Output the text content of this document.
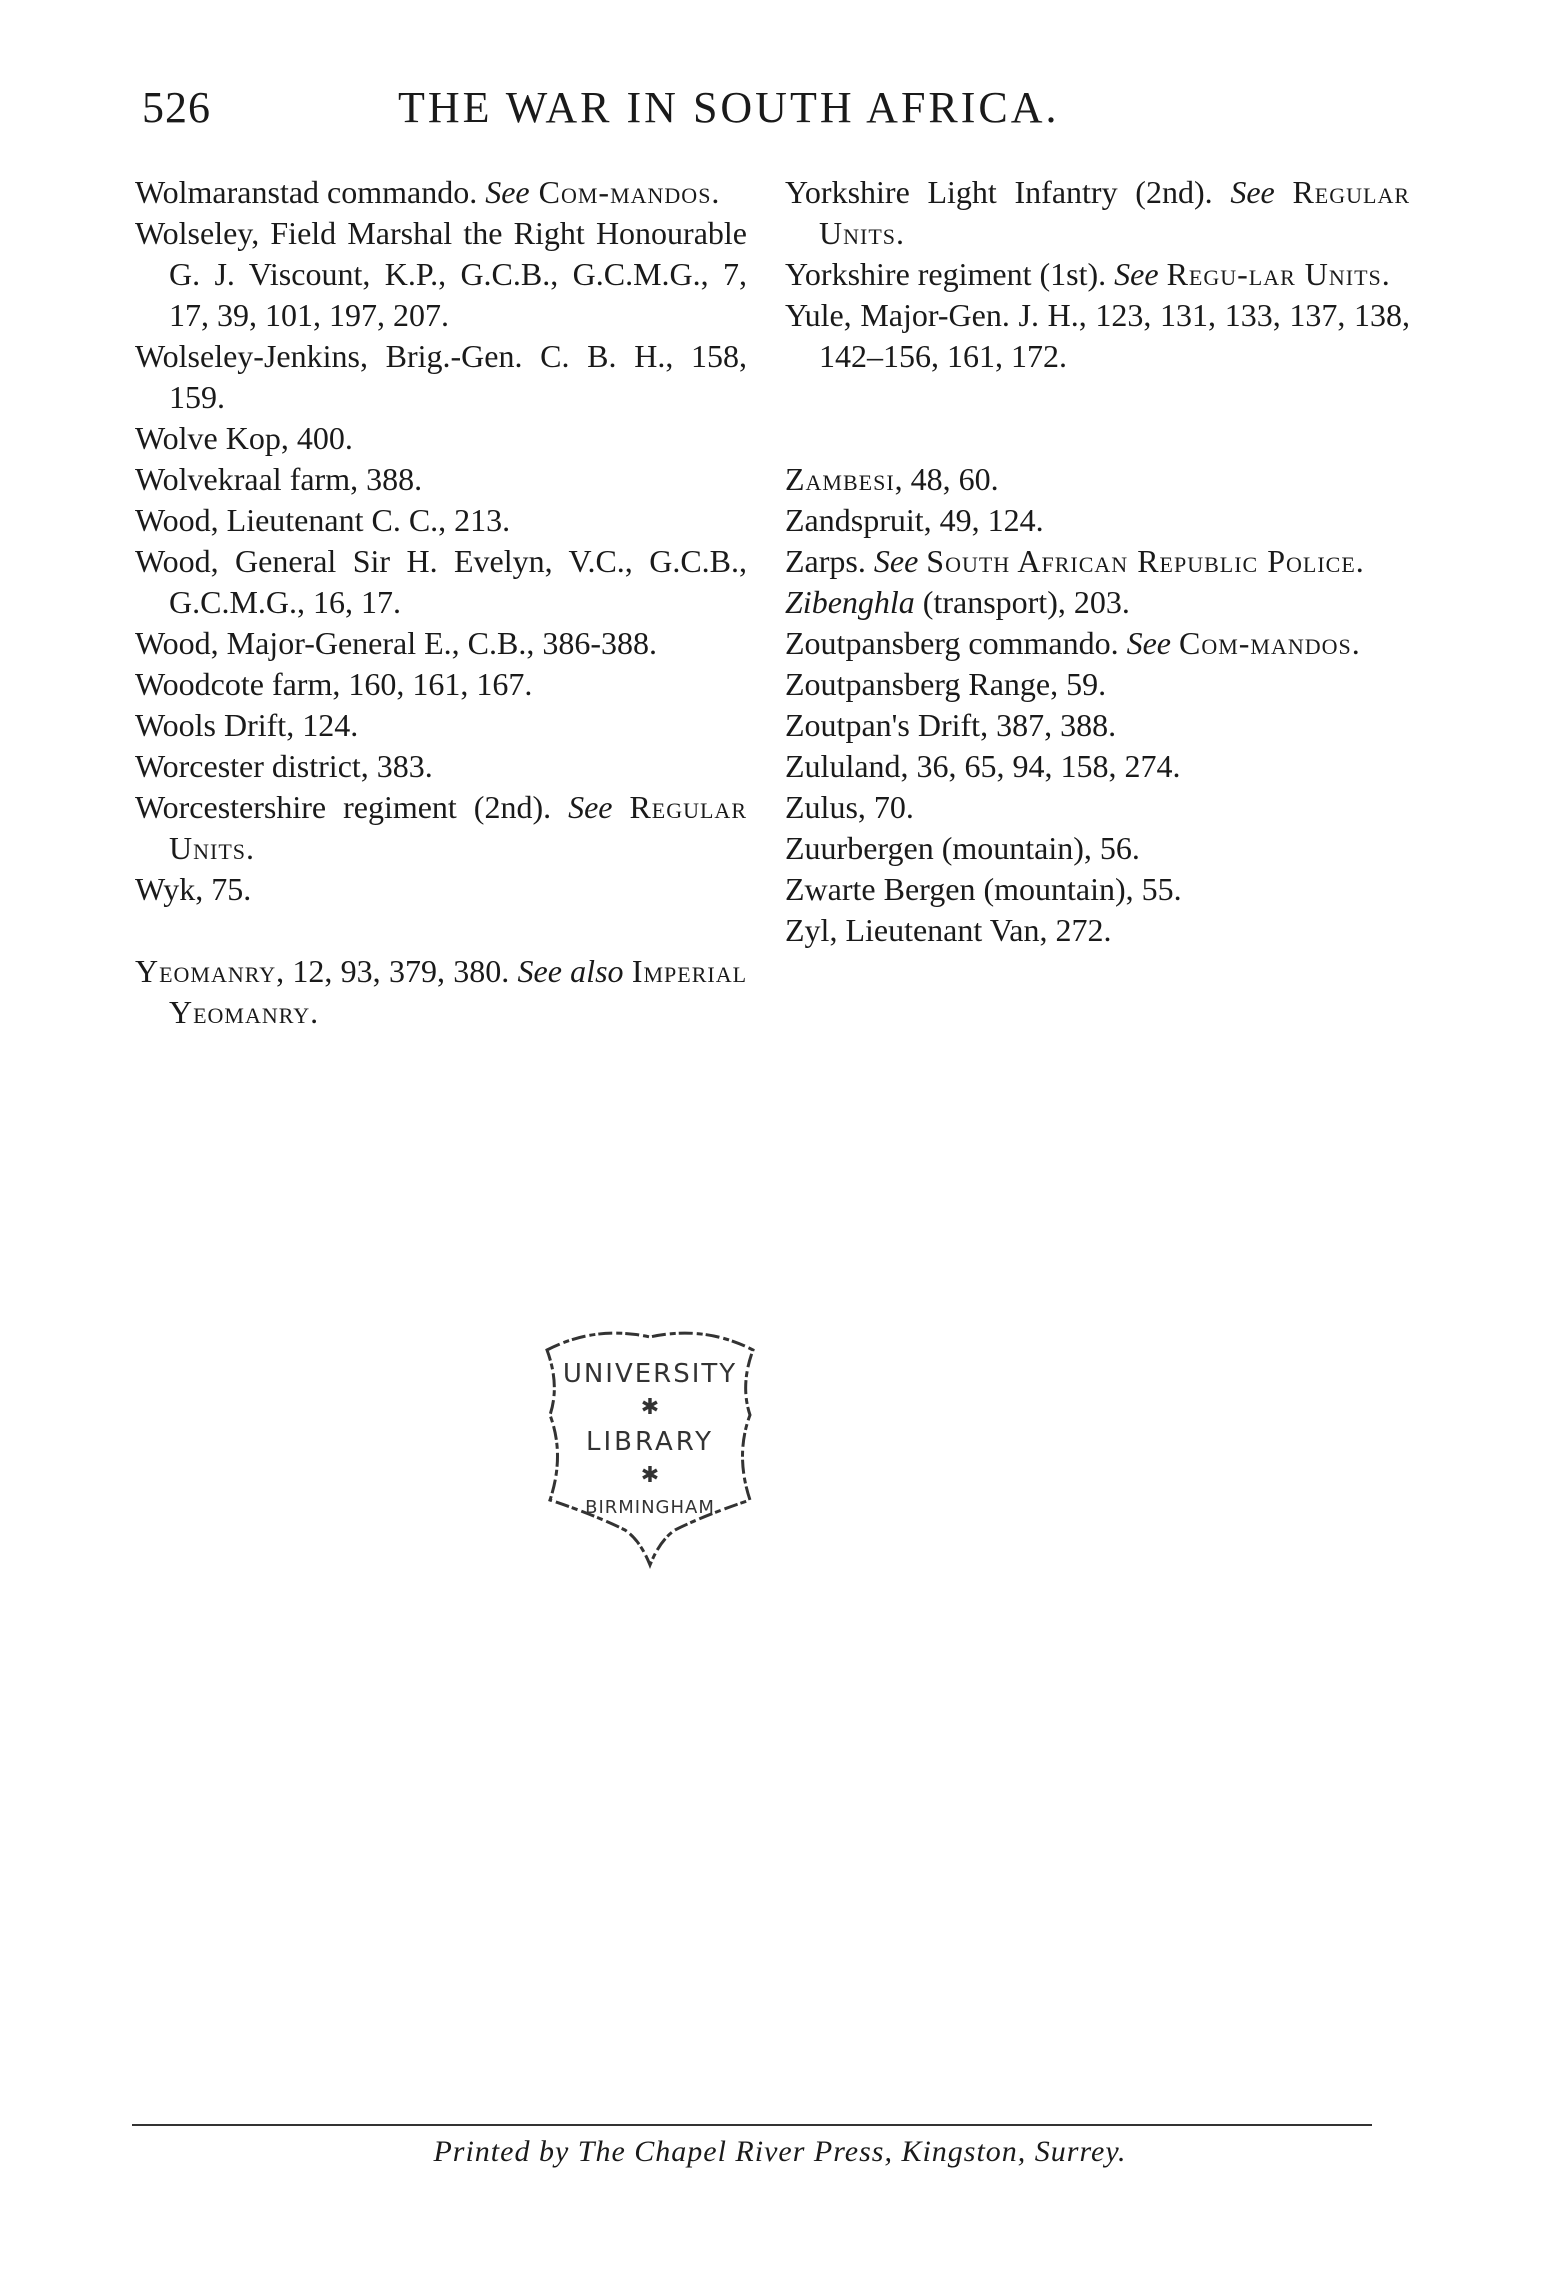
526	THE WAR IN SOUTH AFRICA.

Wolmaranstad commando. See Com-mandos.

Wolseley, Field Marshal the Right Honourable G. J. Viscount, K.P., G.C.B., G.C.M.G., 7, 17, 39, 101, 197, 207.

Wolseley-Jenkins, Brig.-Gen. C. B. H., 158, 159.

Wolve Kop, 400.

Wolvekraal farm, 388.

Wood, Lieutenant C. C., 213.

Wood, General Sir H. Evelyn, V.C., G.C.B., G.C.M.G., 16, 17.

Wood, Major-General E., C.B., 386-388.

Woodcote farm, 160, 161, 167.

Wools Drift, 124.

Worcester district, 383.

Worcestershire regiment (2nd). See Regular Units.

Wyk, 75.

Yeomanry, 12, 93, 379, 380. See also Imperial Yeomanry.

Yorkshire Light Infantry (2nd). See Regular Units.

Yorkshire regiment (1st). See Regu-lar Units.

Yule, Major-Gen. J. H., 123, 131, 133, 137, 138, 142–156, 161, 172.

Zambesi, 48, 60.

Zandspruit, 49, 124.

Zarps. See South African Republic Police.

Zibenghla (transport), 203.

Zoutpansberg commando. See Com-mandos.

Zoutpansberg Range, 59.

Zoutpan's Drift, 387, 388.

Zululand, 36, 65, 94, 158, 274.

Zulus, 70.

Zuurbergen (mountain), 56.

Zwarte Bergen (mountain), 55.

Zyl, Lieutenant Van, 272.

UNIVERSITY
✱
LIBRARY
✱
BIRMINGHAM
Printed by The Chapel River Press, Kingston, Surrey.
